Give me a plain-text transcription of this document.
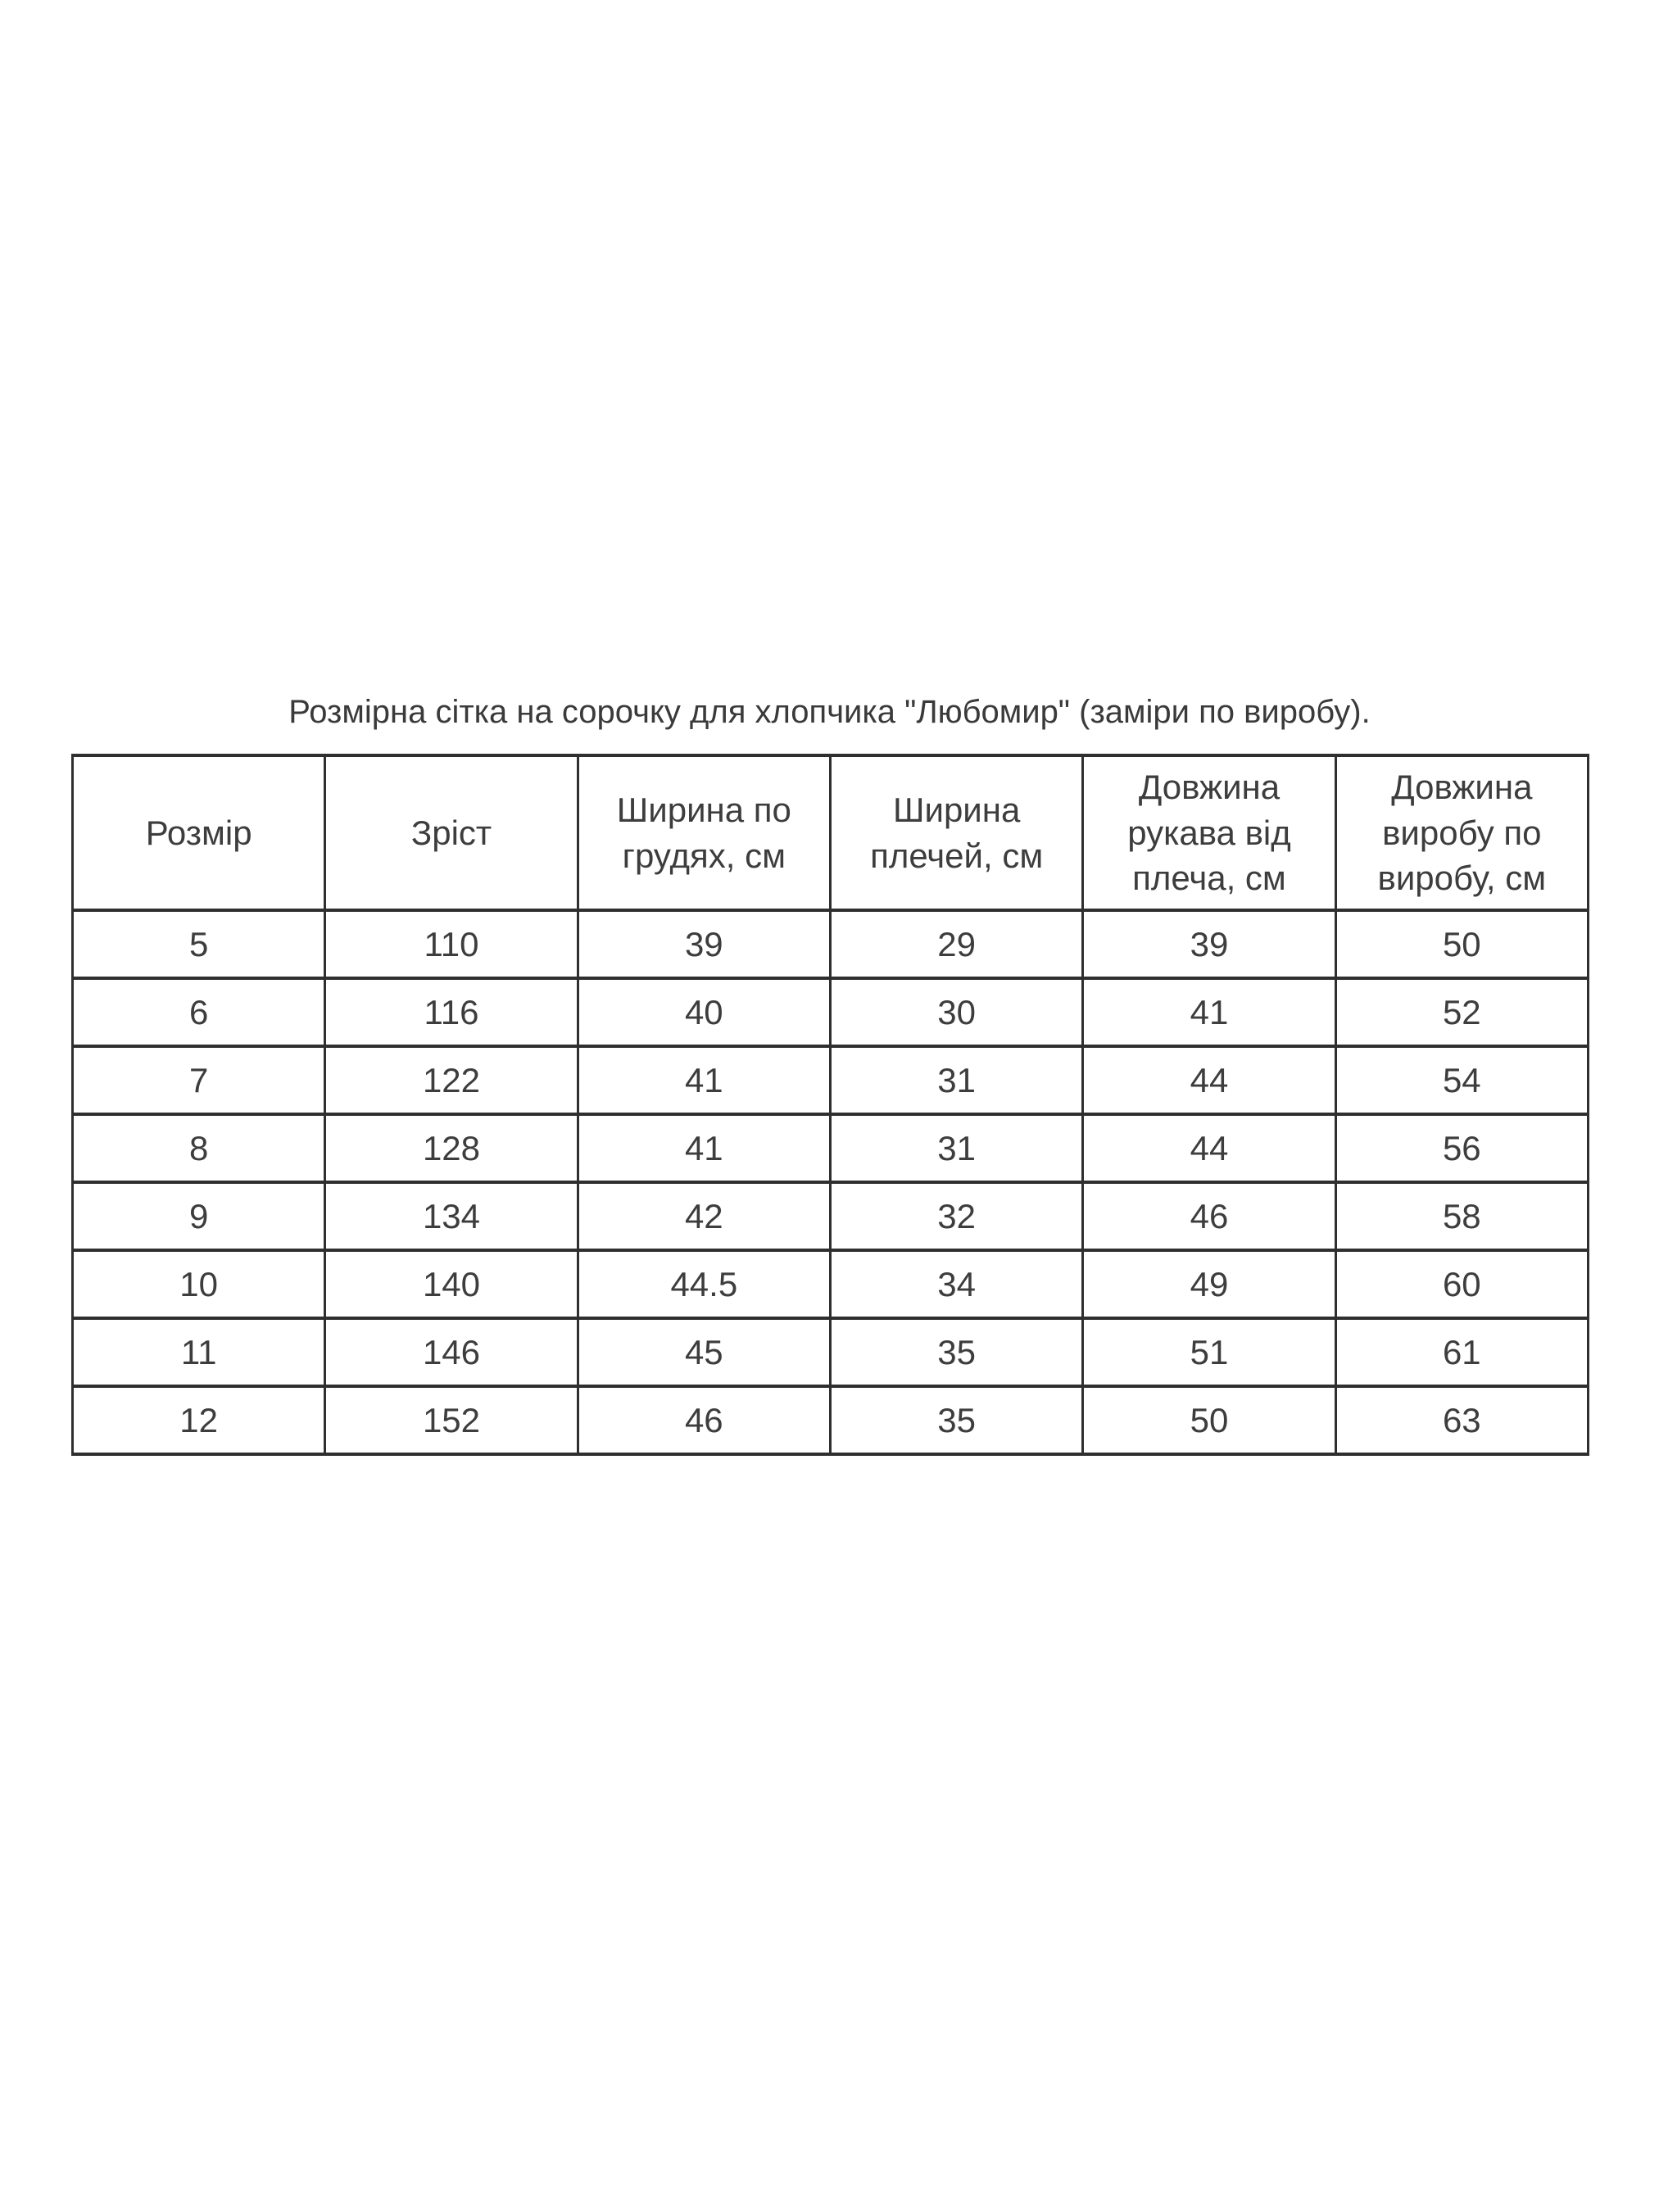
Розмірна сітка на сорочку для хлопчика "Любомир" (заміри по виробу).
Розмір	Зріст	Ширина по грудях, см	Ширина плечей, см	Довжина рукава від плеча, см	Довжина виробу по виробу, см
5	110	39	29	39	50
6	116	40	30	41	52
7	122	41	31	44	54
8	128	41	31	44	56
9	134	42	32	46	58
10	140	44.5	34	49	60
11	146	45	35	51	61
12	152	46	35	50	63
